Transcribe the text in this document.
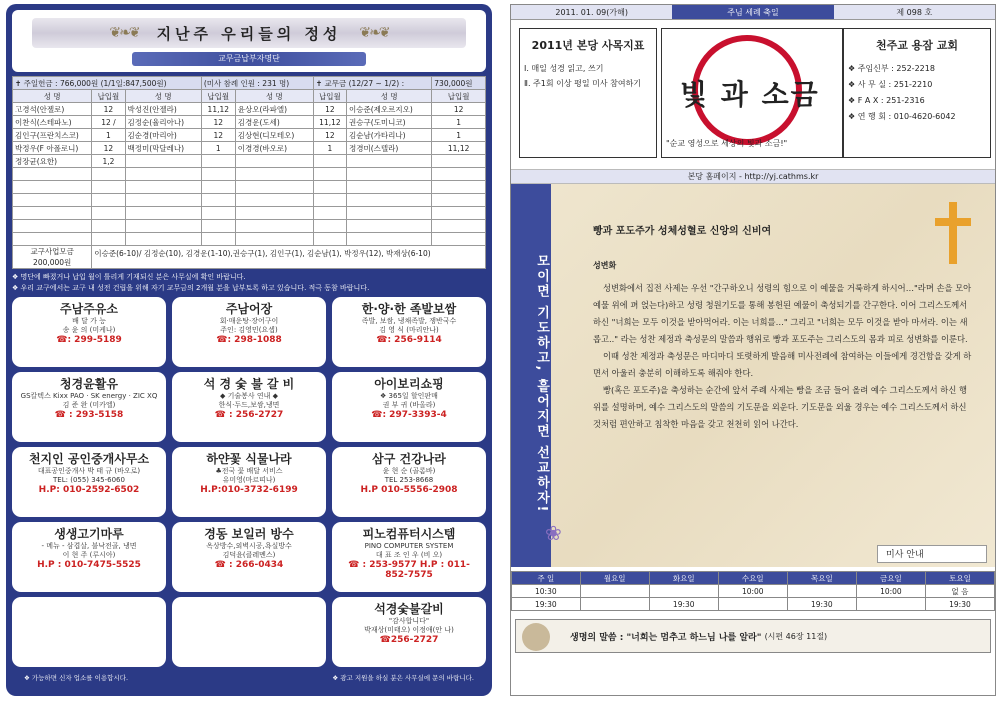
❦❧❦ 지난주 우리들의 정성 ❦❧❦
교무금납부자명단
✝ 주일헌금 : 766,000원 (1/1일:847,500원)			(미사 참례 인원 : 231 명)		✝ 교무금 (12/27 ~ 1/2) :		730,000원
성 명	납입월	성 명	납입월	성 명	납입월	성 명	납입월
고경석(안젤로)	12	박성진(안젤라)	11,12	윤상오(라파엘)	12	이승준(제오르지오)	12
이찬식(스테파노)	12 /	김정순(율리아나)	12	김경운(도세)	11,12	권승구(도미니코)	1
김인구(프란치스코)	1	김순경(마리아)	12	김상현(디모테오)	12	김순남(가타리나)	1
박정우(F 아폴로니)	12	백정미(막달레나)	1	이경경(바오로)	1	정경미(스텔라)	11,12
정장균(요한)	1,2						

교구사업모금
200,000원	이승준(6-10)/ 김정순(10), 김경운(1-10),권승구(1), 김인구(1), 김순남(1), 박정우(12), 박재상(6-10)						
❖ 명단에 빠졌거나 납입 월이 틀리게 기재되신 분은 사무실에 확인 바랍니다.
❖ 우리 교구에서는 교구 내 성전 건립을 위해 자기 교무금의 2개월 분을 납부토록 하고 있습니다. 적극 동참 바랍니다.
주남주유소
배 달 가 능
송 윤 의 (미케나)
☎: 299-5189
주남어장
회·매운탕·장어구이
주인: 김영민(요셉)
☎: 298-1088
한·양·한 족발보쌈
족발, 보쌈, 냉채족발, 쟁반국수
김 영 식 (마리안나)
☎: 256-9114
청경윤활유
GS칼텍스 Kixx PAO · SK energy · ZIC XQ
김 준 완 (미카엘)
☎ : 293-5158
석 경 숯 불 갈 비
◆ 기술봉사 연내 ◆
한식·두드,보쌈,냉면
☎ : 256-2727
아이보리쇼핑
❖ 365일 할인판매
권 부 귀 (바올라)
☎: 297-3393-4
천지인 공인중개사무소
대표공인중개사 박 태 규 (바오로)
TEL: (055) 345-6060
H.P: 010-2592-6502
하얀꽃 식물나라
♣전국 꽃 배달 서비스
유미영(마르띠나)
H.P:010-3732-6199
삼구 건강나라
윤 현 순 (골롬바)
TEL 253-8668
H.P 010-5556-2908
생생고기마루
- 메뉴 - 삼겹살, 불낙전골, 냉면
이 현 주 (루시아)
H.P : 010-7475-5525
경동 보일러 방수
옥상방수,외벽시공,욕실방수
김덕윤(클레멘스)
☎ : 266-0434
피노컴퓨터시스템
PINO COMPUTER SYSTEM
대 표 조 인 우 (비 오)
☎ : 253-9577 H.P : 011-852-7575
석경숯불갈비
"감사합니다"
박재상(미태오) 이정애(안 나)
☎256-2727
❖ 가능하면 신자 업소를 이용합시다.	❖ 광고 지원을 하실 분은 사무실에 문의 바랍니다.
2011. 01. 09(가해)	주님 세례 축일	제 098 호
2011년 본당 사목지표
Ⅰ. 매일 성경 읽고, 쓰기
Ⅱ. 주1회 이상 평일 미사 참여하기	빛 과 소금
"순교 영성으로 세상의 빛과 소금!"
천주교 용잠 교회
❖ 주임신부 : 252-2218
❖ 사 무 실 : 251-2210
❖ F A X : 251-2316
❖ 연 행 회 : 010-4620-6042
본당 홈페이지 - http://yj.cathms.kr
모이면 기도하고, 흩어지면 선교하자!
빵과 포도주가 성체성혈로 신앙의 신비여
성변화

성변화에서 집전 사제는 우선 "간구하오니 성령의 힘으로 이 예물을 거룩하게 하시어…"라며 손을 모아 예물 위에 펴 얹는다)하고 성령 청원기도를 통해 봉헌된 예물이 축성되기를 간구한다. 이어 그리스도께서 하신 "너희는 모두 이것을 받아먹어라. 이는 너희를…" 그리고 "너희는 모두 이것을 받아 마셔라. 이는 새롭고.." 라는 성찬 제정과 축성문의 말씀과 행위로 빵과 포도주는 그리스도의 몸과 피로 성변화를 이룬다.

이때 성찬 제정과 축성문은 마디마디 또렷하게 발음해 미사전례에 참여하는 이들에게 경건함을 갖게 하면서 아울러 충분히 이해하도록 해줘야 한다.

빵(혹은 포도주)을 축성하는 순간에 앞서 주례 사제는 빵을 조금 들어 올려 예수 그리스도께서 하신 행위를 설명하며, 예수 그리스도의 말씀의 기도문을 외운다. 기도문을 외울 경우는 예수 그리스도께서 하신 것처럼 편안하고 침착한 마음을 갖고 천천히 읽어 나간다.

❀
미사 안내
주 일	월요일	화요일	수요일	목요일	금요일	토요일
10:30			10:00		10:00	없 음
19:30		19:30		19:30		19:30
생명의 말씀 :
"너희는 멈추고 하느님 나를 알라"
(시편 46장 11절)
